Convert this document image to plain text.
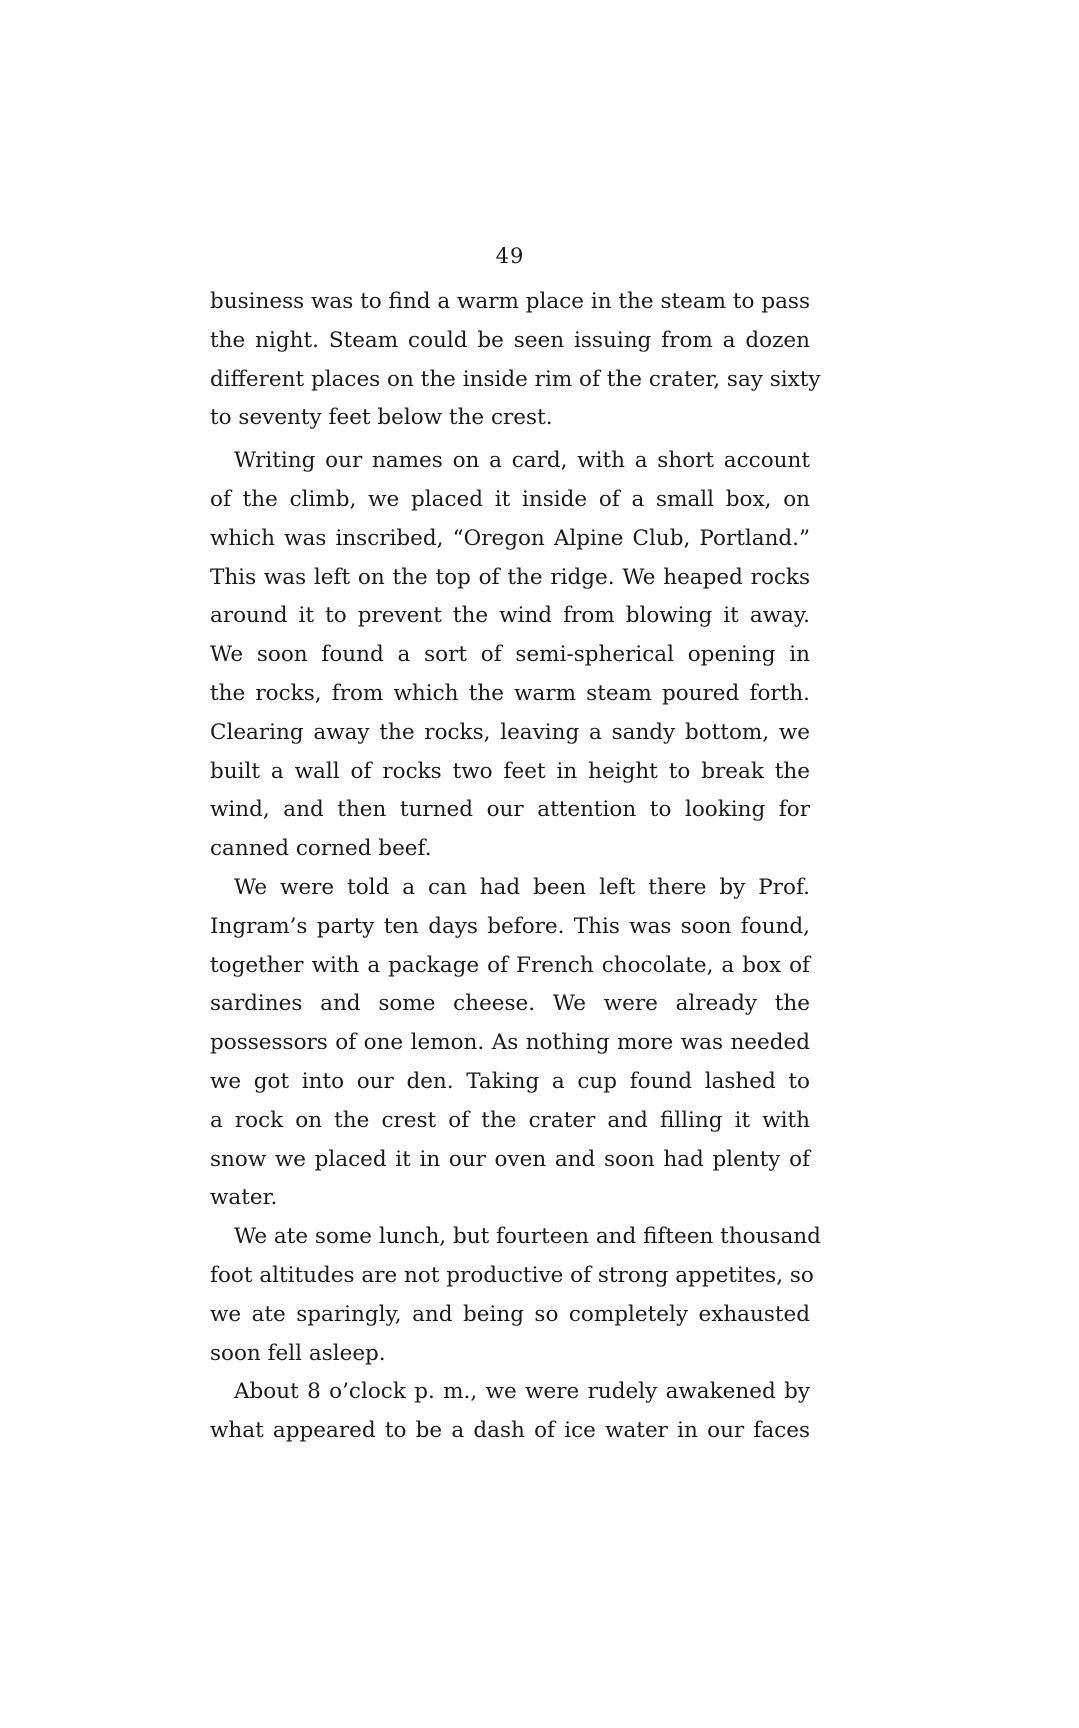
49
business was to find a warm place in the steam to pass
the night. Steam could be seen issuing from a dozen
different places on the inside rim of the crater, say sixty
to seventy feet below the crest.
Writing our names on a card, with a short account
of the climb, we placed it inside of a small box, on
which was inscribed, “Oregon Alpine Club, Portland.”
This was left on the top of the ridge. We heaped rocks
around it to prevent the wind from blowing it away.
We soon found a sort of semi-spherical opening in
the rocks, from which the warm steam poured forth.
Clearing away the rocks, leaving a sandy bottom, we
built a wall of rocks two feet in height to break the
wind, and then turned our attention to looking for
canned corned beef.
We were told a can had been left there by Prof.
Ingram’s party ten days before. This was soon found,
together with a package of French chocolate, a box of
sardines and some cheese. We were already the
possessors of one lemon. As nothing more was needed
we got into our den. Taking a cup found lashed to
a rock on the crest of the crater and filling it with
snow we placed it in our oven and soon had plenty of
water.
We ate some lunch, but fourteen and fifteen thousand
foot altitudes are not productive of strong appetites, so
we ate sparingly, and being so completely exhausted
soon fell asleep.
About 8 o’clock p. m., we were rudely awakened by
what appeared to be a dash of ice water in our faces
